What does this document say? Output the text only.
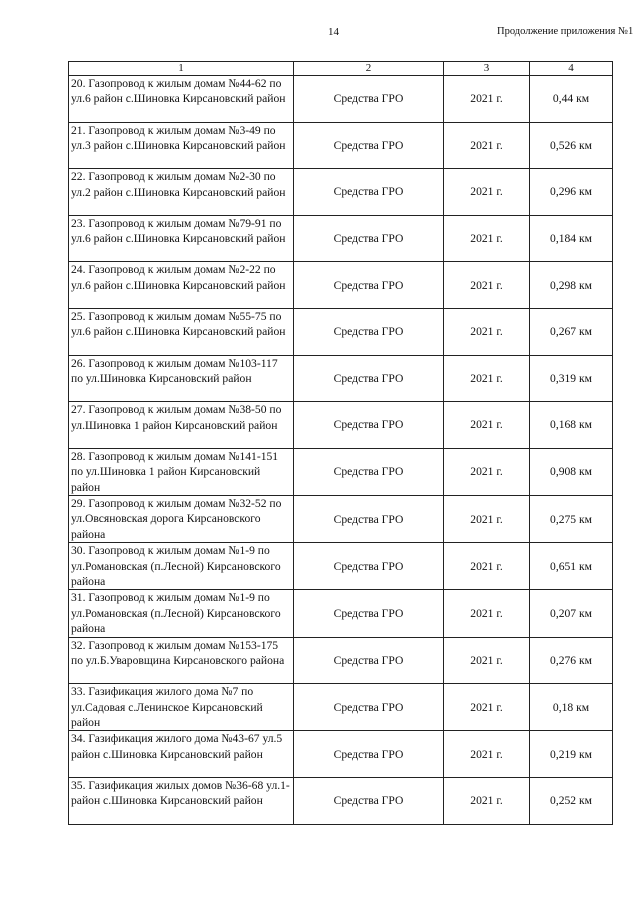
14	Продолжение приложения №1
1	2	3	4
20. Газопровод к жилым домам №44-62 по ул.6 район с.Шиновка Кирсановский район	Средства ГРО	2021 г.	0,44 км
21. Газопровод к жилым домам №3-49 по ул.3 район с.Шиновка Кирсановский район	Средства ГРО	2021 г.	0,526 км
22. Газопровод к жилым домам №2-30 по ул.2 район с.Шиновка Кирсановский район	Средства ГРО	2021 г.	0,296 км
23. Газопровод к жилым домам №79-91 по ул.6 район с.Шиновка Кирсановский район	Средства ГРО	2021 г.	0,184 км
24. Газопровод к жилым домам №2-22 по ул.6 район с.Шиновка Кирсановский район	Средства ГРО	2021 г.	0,298 км
25. Газопровод к жилым домам №55-75 по ул.6 район с.Шиновка Кирсановский район	Средства ГРО	2021 г.	0,267 км
26. Газопровод к жилым домам №103-117 по ул.Шиновка Кирсановский район	Средства ГРО	2021 г.	0,319 км
27. Газопровод к жилым домам №38-50 по ул.Шиновка 1 район Кирсановский район	Средства ГРО	2021 г.	0,168 км
28. Газопровод к жилым домам №141-151 по ул.Шиновка 1 район Кирсановский район	Средства ГРО	2021 г.	0,908 км
29. Газопровод к жилым домам №32-52 по ул.Овсяновская дорога Кирсановского района	Средства ГРО	2021 г.	0,275 км
30. Газопровод к жилым домам №1-9 по ул.Романовская (п.Лесной) Кирсановского района	Средства ГРО	2021 г.	0,651 км
31. Газопровод к жилым домам №1-9 по ул.Романовская (п.Лесной) Кирсановского района	Средства ГРО	2021 г.	0,207 км
32. Газопровод к жилым домам №153-175 по ул.Б.Уваровщина Кирсановского района	Средства ГРО	2021 г.	0,276 км
33. Газификация жилого дома №7 по ул.Садовая с.Ленинское Кирсановский район	Средства ГРО	2021 г.	0,18 км
34. Газификация жилого дома №43-67 ул.5 район с.Шиновка Кирсановский район	Средства ГРО	2021 г.	0,219 км
35. Газификация жилых домов №36-68 ул.1-район с.Шиновка Кирсановский район	Средства ГРО	2021 г.	0,252 км
